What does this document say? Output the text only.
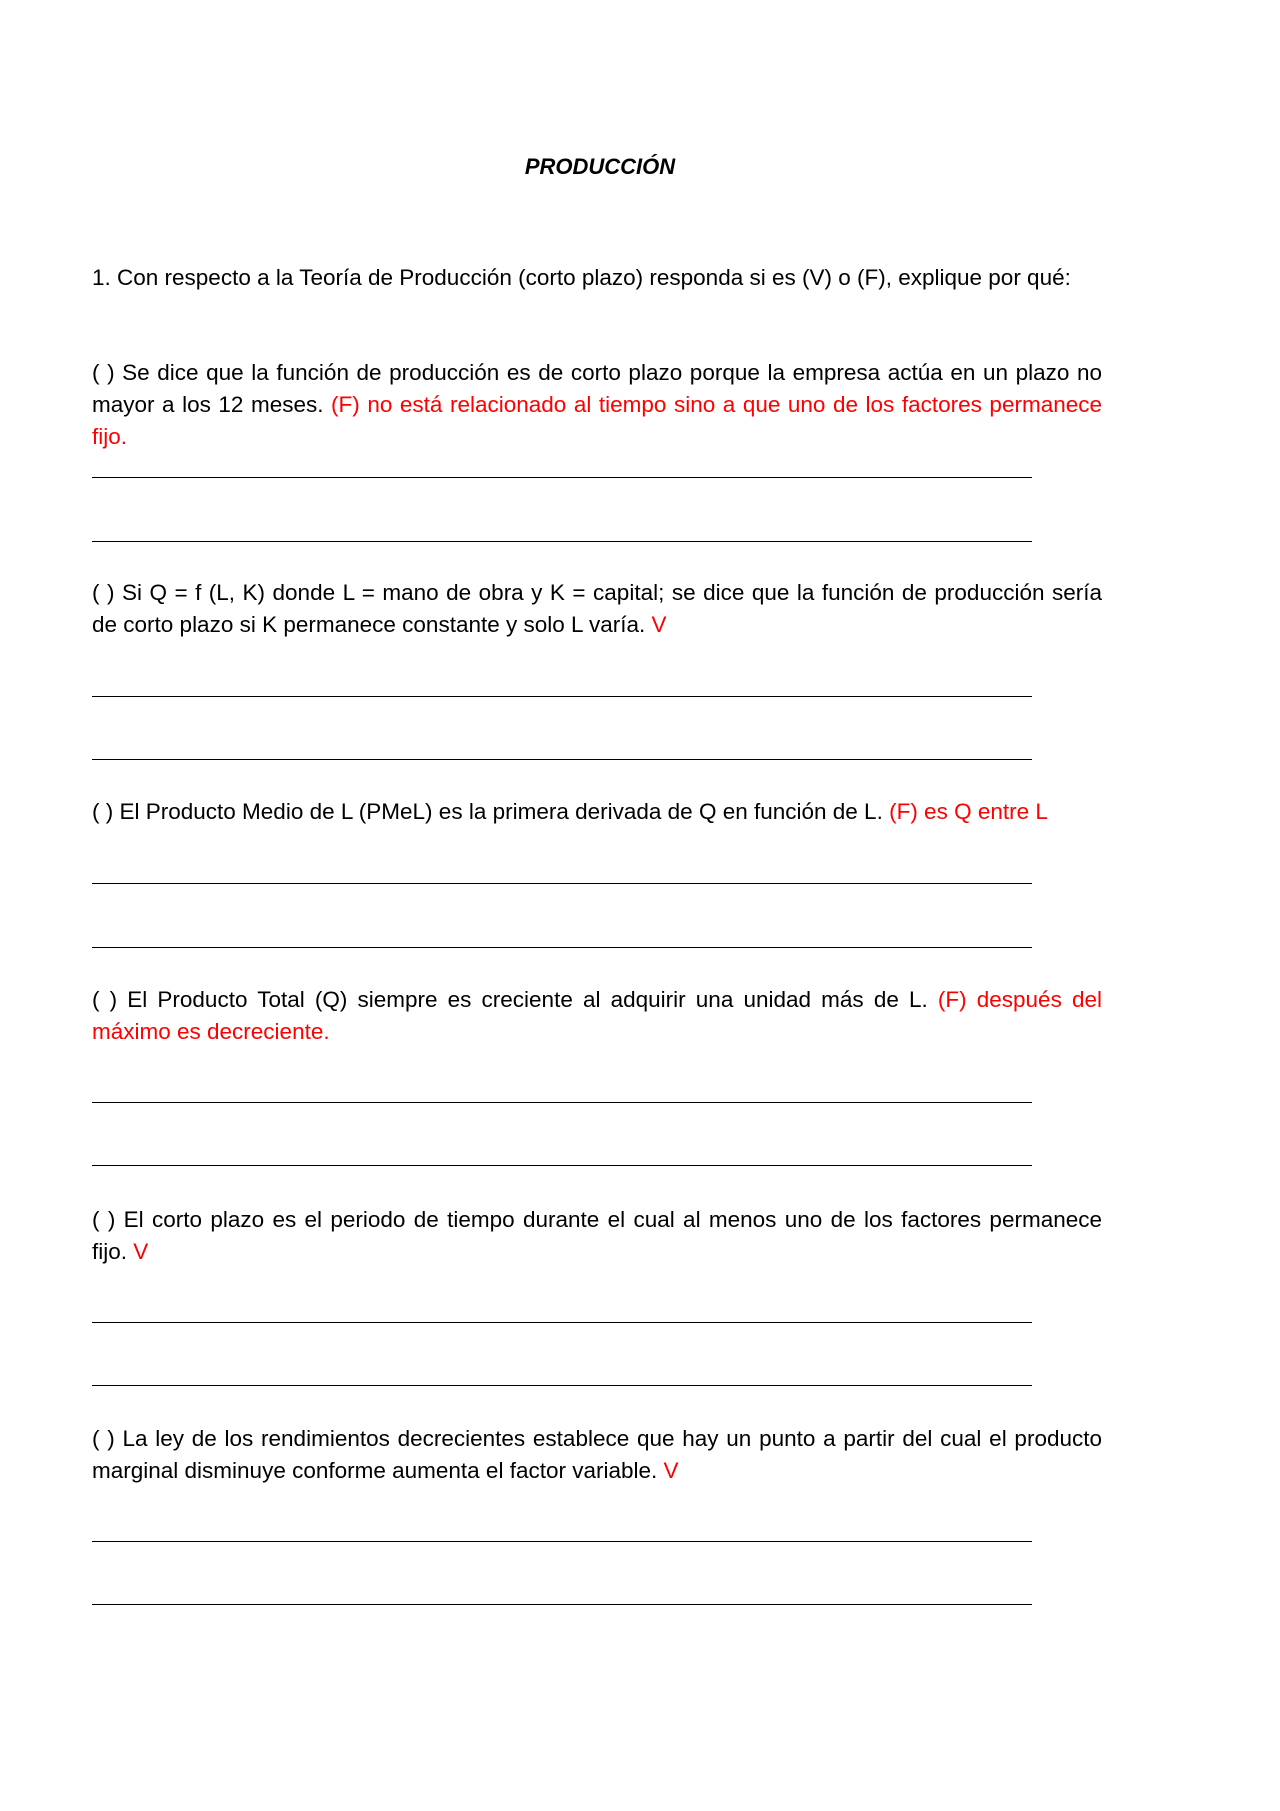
PRODUCCIÓN
1. Con respecto a la Teoría de Producción (corto plazo) responda si es (V) o (F), explique por qué:
( ) Se dice que la función de producción es de corto plazo porque la empresa actúa en un plazo no mayor a los 12 meses. (F) no está relacionado al tiempo sino a que uno de los factores permanece fijo.
( ) Si Q = f (L, K) donde L = mano de obra y K = capital; se dice que la función de producción sería de corto plazo si K permanece constante y solo L varía. V
( ) El Producto Medio de L (PMeL) es la primera derivada de Q en función de L. (F) es Q entre L
( ) El Producto Total (Q) siempre es creciente al adquirir una unidad más de L. (F) después del máximo es decreciente.
( ) El corto plazo es el periodo de tiempo durante el cual al menos uno de los factores permanece fijo. V
( ) La ley de los rendimientos decrecientes establece que hay un punto a partir del cual el producto marginal disminuye conforme aumenta el factor variable. V
